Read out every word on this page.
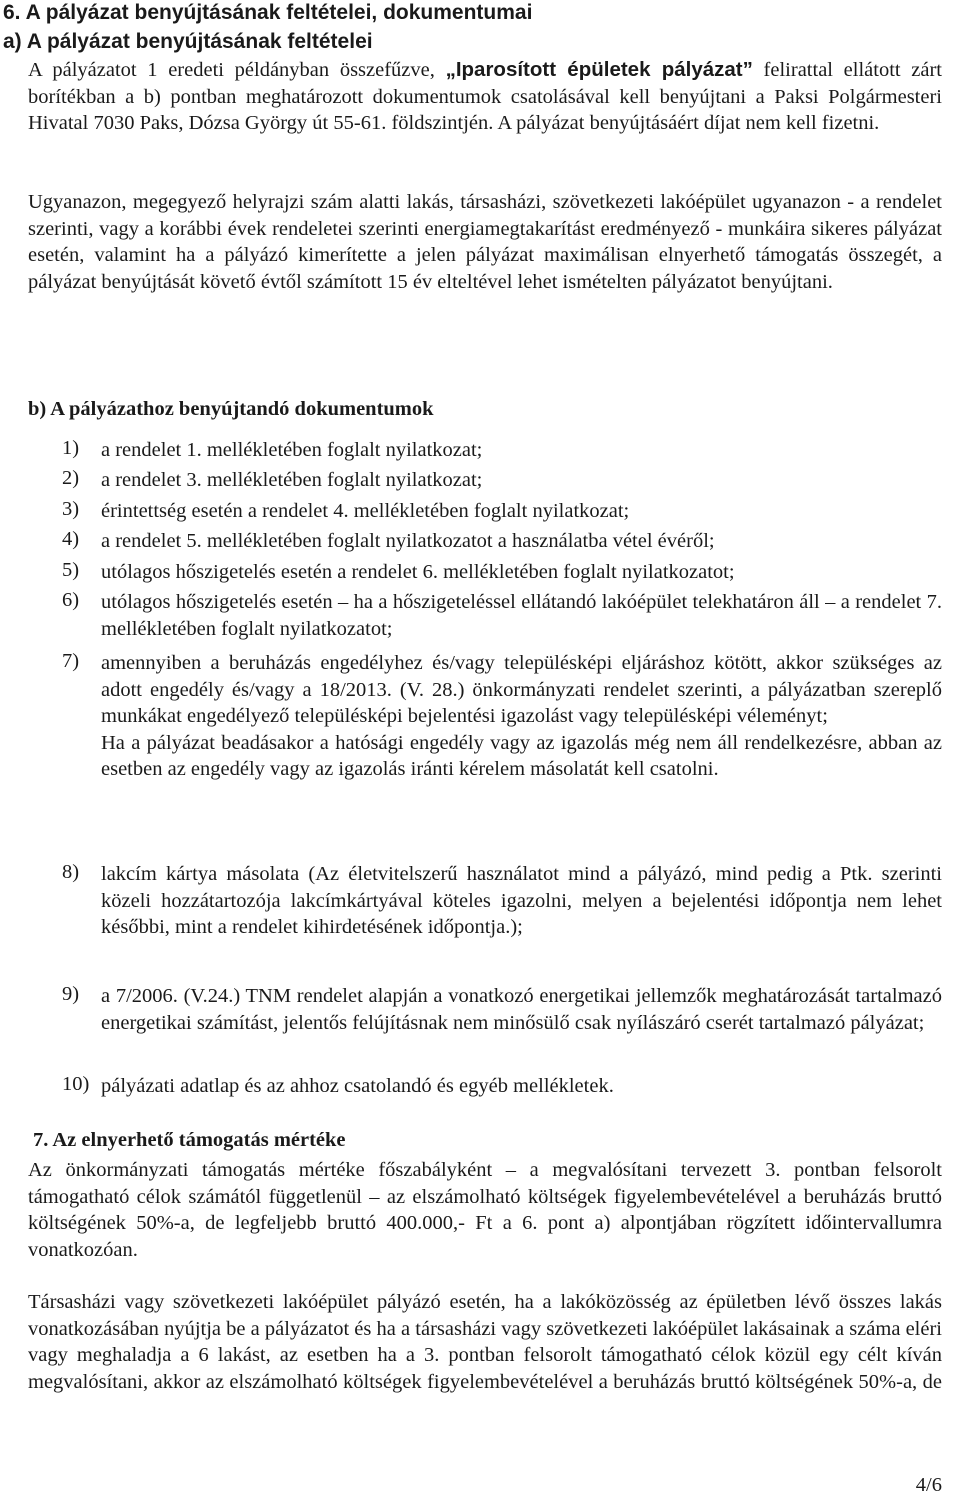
6. A pályázat benyújtásának feltételei, dokumentumai
a) A pályázat benyújtásának feltételei

A pályázatot 1 eredeti példányban összefűzve, „Iparosított épületek pályázat” felirattal ellátott zárt borítékban a b) pontban meghatározott dokumentumok csatolásával kell benyújtani a Paksi Polgármesteri Hivatal 7030 Paks, Dózsa György út 55-61. földszintjén. A pályázat benyújtásáért díjat nem kell fizetni.

Ugyanazon, megegyező helyrajzi szám alatti lakás, társasházi, szövetkezeti lakóépület ugyanazon - a rendelet szerinti, vagy a korábbi évek rendeletei szerinti energiamegtakarítást eredményező - munkáira sikeres pályázat esetén, valamint ha a pályázó kimerítette a jelen pályázat maximálisan elnyerhető támogatás összegét, a pályázat benyújtását követő évtől számított 15 év elteltével lehet ismételten pályázatot benyújtani.

b) A pályázathoz benyújtandó dokumentumok
1) a rendelet 1. mellékletében foglalt nyilatkozat;
2) a rendelet 3. mellékletében foglalt nyilatkozat;
3) érintettség esetén a rendelet 4. mellékletében foglalt nyilatkozat;
4) a rendelet 5. mellékletében foglalt nyilatkozatot a használatba vétel évéről;
5) utólagos hőszigetelés esetén a rendelet 6. mellékletében foglalt nyilatkozatot;
6) utólagos hőszigetelés esetén – ha a hőszigeteléssel ellátandó lakóépület telekhatáron áll – a rendelet 7. mellékletében foglalt nyilatkozatot;
7) amennyiben a beruházás engedélyhez és/vagy településképi eljáráshoz kötött, akkor szükséges az adott engedély és/vagy a 18/2013. (V. 28.) önkormányzati rendelet szerinti, a pályázatban szereplő munkákat engedélyező településképi bejelentési igazolást vagy településképi véleményt;

Ha a pályázat beadásakor a hatósági engedély vagy az igazolás még nem áll rendelkezésre, abban az esetben az engedély vagy az igazolás iránti kérelem másolatát kell csatolni.

8) lakcím kártya másolata (Az életvitelszerű használatot mind a pályázó, mind pedig a Ptk. szerinti közeli hozzátartozója lakcímkártyával köteles igazolni, melyen a bejelentési időpontja nem lehet későbbi, mint a rendelet kihirdetésének időpontja.);
9) a 7/2006. (V.24.) TNM rendelet alapján a vonatkozó energetikai jellemzők meghatározását tartalmazó energetikai számítást, jelentős felújításnak nem minősülő csak nyílászáró cserét tartalmazó pályázat;
10) pályázati adatlap és az ahhoz csatolandó és egyéb mellékletek.
7. Az elnyerhető támogatás mértéke

Az önkormányzati támogatás mértéke főszabályként – a megvalósítani tervezett 3. pontban felsorolt támogatható célok számától függetlenül – az elszámolható költségek figyelembevételével a beruházás bruttó költségének 50%-a, de legfeljebb bruttó 400.000,- Ft a 6. pont a) alpontjában rögzített időintervallumra vonatkozóan.

Társasházi vagy szövetkezeti lakóépület pályázó esetén, ha a lakóközösség az épületben lévő összes lakás vonatkozásában nyújtja be a pályázatot és ha a társasházi vagy szövetkezeti lakóépület lakásainak a száma eléri vagy meghaladja a 6 lakást, az esetben ha a 3. pontban felsorolt támogatható célok közül egy célt kíván megvalósítani, akkor az elszámolható költségek figyelembevételével a beruházás bruttó költségének 50%-a, de

4/6
